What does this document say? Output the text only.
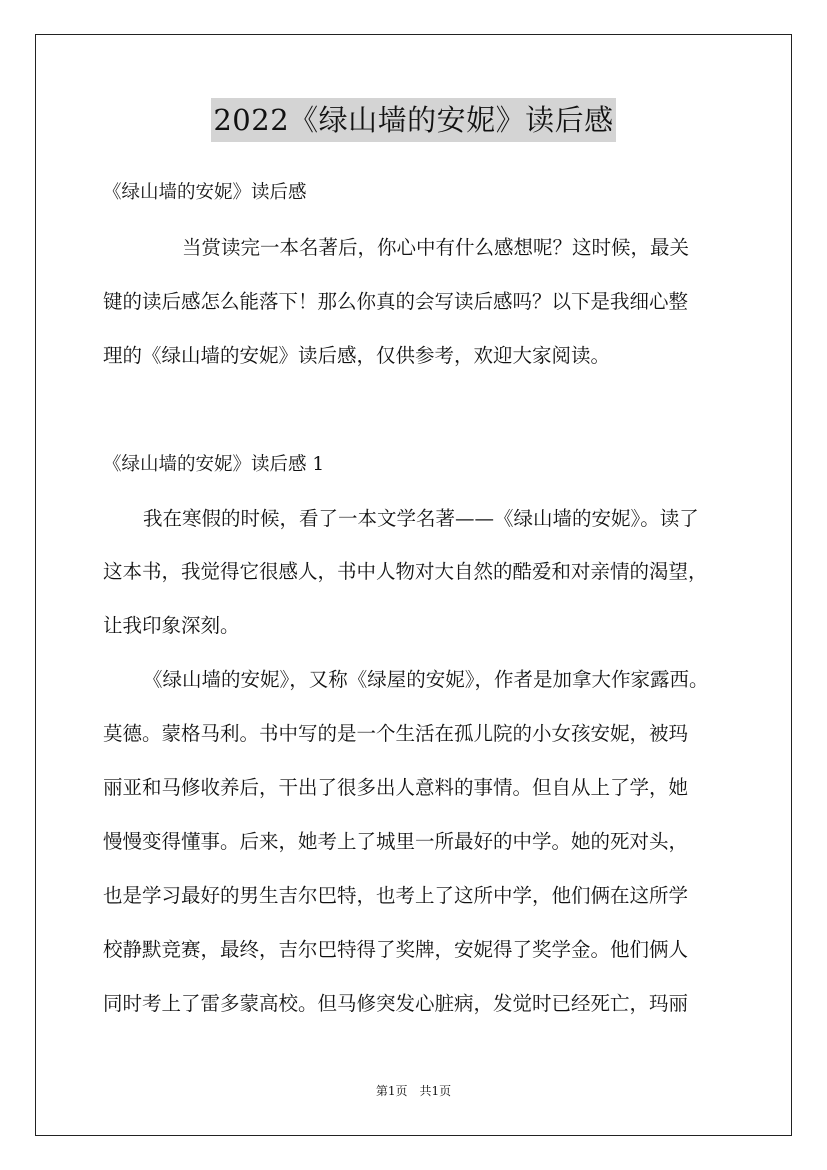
2022《绿山墙的安妮》读后感
《绿山墙的安妮》读后感
当赏读完一本名著后，你心中有什么感想呢？这时候，最关
键的读后感怎么能落下！那么你真的会写读后感吗？以下是我细心整
理的《绿山墙的安妮》读后感，仅供参考，欢迎大家阅读。
《绿山墙的安妮》读后感 1
我在寒假的时候，看了一本文学名著——《绿山墙的安妮》。读了
这本书，我觉得它很感人，书中人物对大自然的酷爱和对亲情的渴望，
让我印象深刻。
《绿山墙的安妮》，又称《绿屋的安妮》，作者是加拿大作家露西。
莫德。蒙格马利。书中写的是一个生活在孤儿院的小女孩安妮，被玛
丽亚和马修收养后，干出了很多出人意料的事情。但自从上了学，她
慢慢变得懂事。后来，她考上了城里一所最好的中学。她的死对头，
也是学习最好的男生吉尔巴特，也考上了这所中学，他们俩在这所学
校静默竞赛，最终，吉尔巴特得了奖牌，安妮得了奖学金。他们俩人
同时考上了雷多蒙高校。但马修突发心脏病，发觉时已经死亡，玛丽
第1页　共1页
